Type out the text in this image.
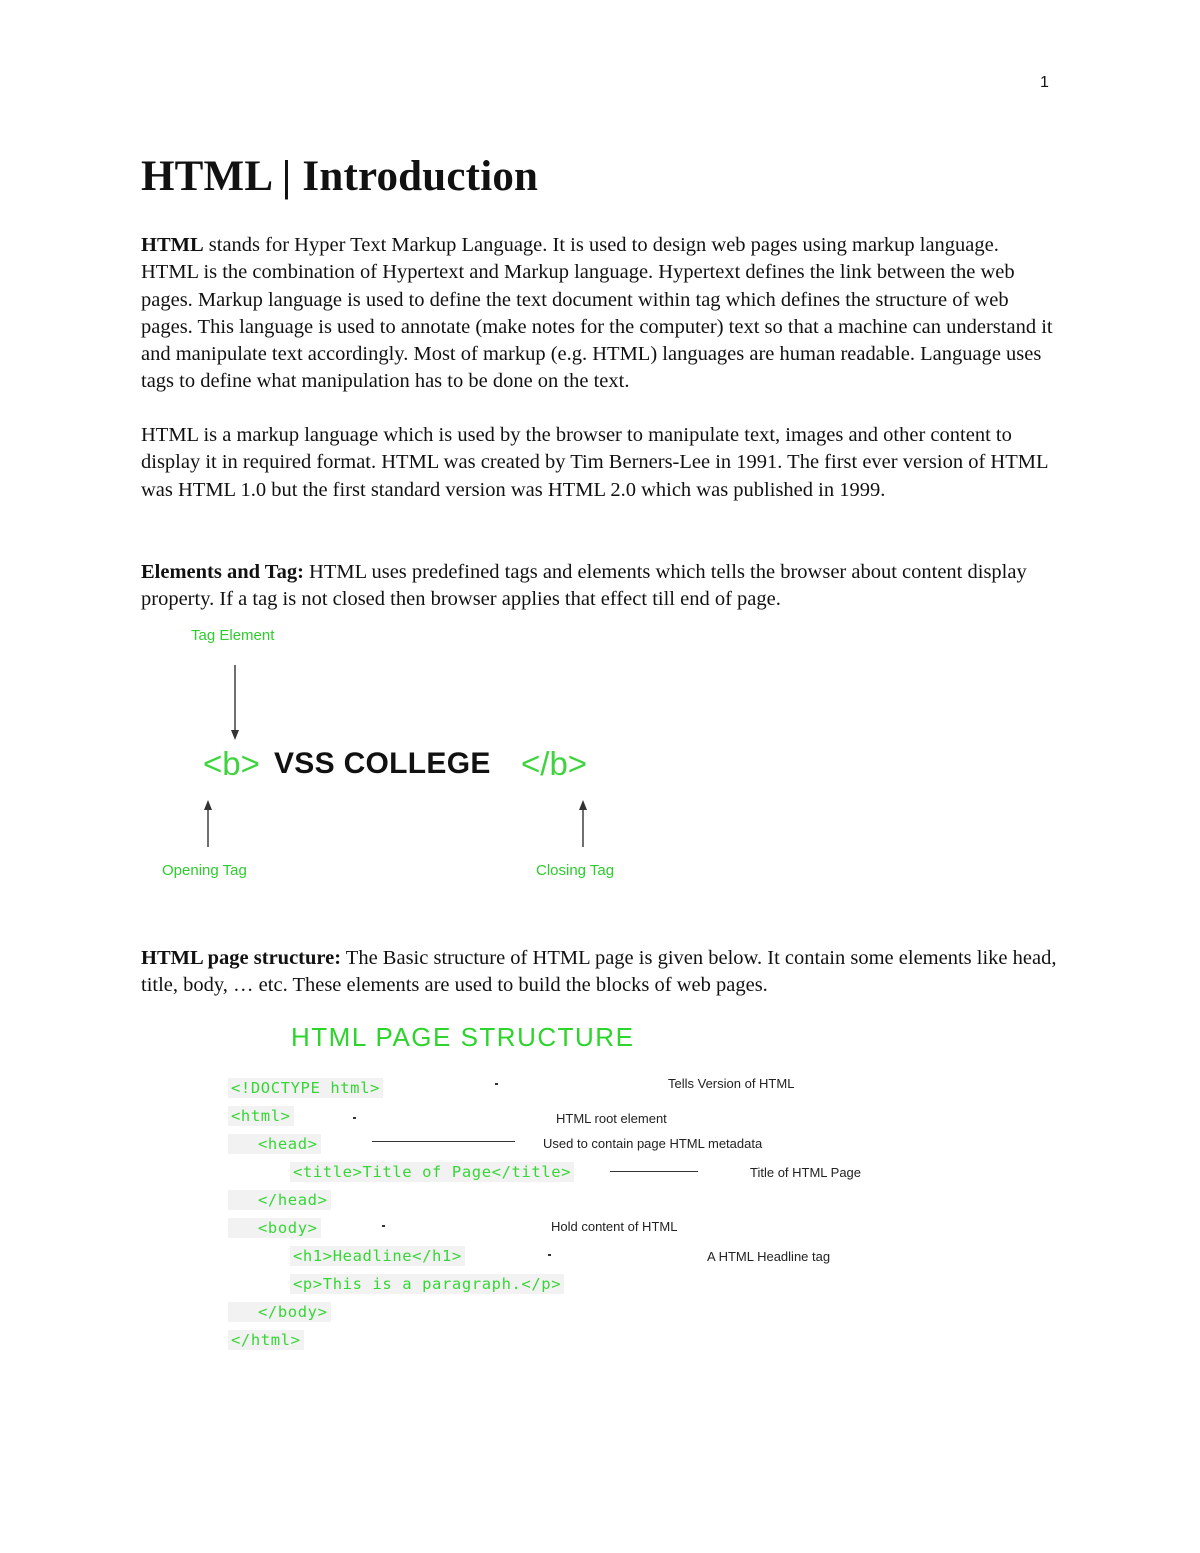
1
HTML | Introduction

HTML stands for Hyper Text Markup Language. It is used to design web pages using markup language. HTML is the combination of Hypertext and Markup language. Hypertext defines the link between the web pages. Markup language is used to define the text document within tag which defines the structure of web pages. This language is used to annotate (make notes for the computer) text so that a machine can understand it and manipulate text accordingly. Most of markup (e.g. HTML) languages are human readable. Language uses tags to define what manipulation has to be done on the text.

HTML is a markup language which is used by the browser to manipulate text, images and other content to display it in required format. HTML was created by Tim Berners-Lee in 1991. The first ever version of HTML was HTML 1.0 but the first standard version was HTML 2.0 which was published in 1999.

Elements and Tag: HTML uses predefined tags and elements which tells the browser about content display property. If a tag is not closed then browser applies that effect till end of page.

Tag Element
<b> VSS COLLEGE </b>
Opening Tag	Closing Tag

HTML page structure: The Basic structure of HTML page is given below. It contain some elements like head, title, body, … etc. These elements are used to build the blocks of web pages.

HTML PAGE STRUCTURE
<!DOCTYPE html>
<html>
<head>
<title>Title of Page</title>
</head>
<body>
<h1>Headline</h1>
<p>This is a paragraph.</p>
</body>
</html>
Tells Version of HTML
HTML root element
Used to contain page HTML metadata
Title of HTML Page
Hold content of HTML
A HTML Headline tag
